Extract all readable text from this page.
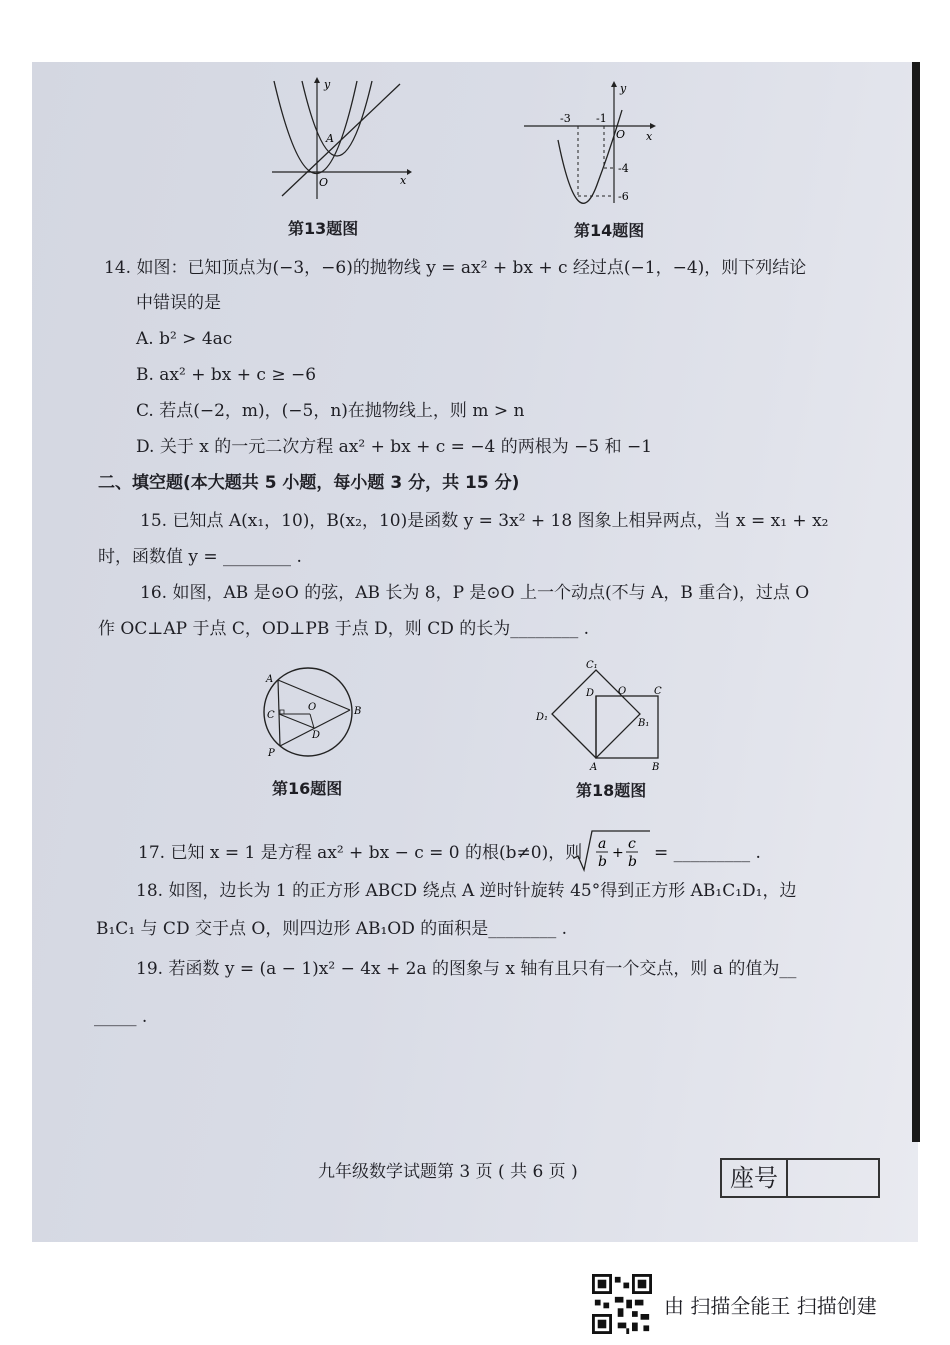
y
x
O
A
第13题图
y
x
O
-3 -1
-4
-6
第14题图
14. 如图：已知顶点为(−3，−6)的抛物线 y = ax² + bx + c 经过点(−1，−4)，则下列结论
中错误的是
A. b² > 4ac
B. ax² + bx + c ≥ −6
C. 若点(−2，m)，(−5，n)在抛物线上，则 m > n
D. 关于 x 的一元二次方程 ax² + bx + c = −4 的两根为 −5 和 −1
二、填空题(本大题共 5 小题，每小题 3 分，共 15 分)
15. 已知点 A(x₁，10)，B(x₂，10)是函数 y = 3x² + 18 图象上相异两点，当 x = x₁ + x₂
时，函数值 y = ________ .
16. 如图，AB 是⊙O 的弦，AB 长为 8，P 是⊙O 上一个动点(不与 A，B 重合)，过点 O
作 OC⊥AP 于点 C，OD⊥PB 于点 D，则 CD 的长为________ .
A
B
C
D
O
P
第16题图
C₁
D₁
D O	C
B₁
A	B
第18题图
17. 已知 x = 1 是方程 ax² + bx − c = 0 的根(b≠0)，则 a
b
+
c
b = _________ .
18. 如图，边长为 1 的正方形 ABCD 绕点 A 逆时针旋转 45°得到正方形 AB₁C₁D₁，边
B₁C₁ 与 CD 交于点 O，则四边形 AB₁OD 的面积是________ .
19. 若函数 y = (a − 1)x² − 4x + 2a 的图象与 x 轴有且只有一个交点，则 a 的值为__
_____ .
九年级数学试题第 3 页 ( 共 6 页 )	座号
由 扫描全能王 扫描创建
